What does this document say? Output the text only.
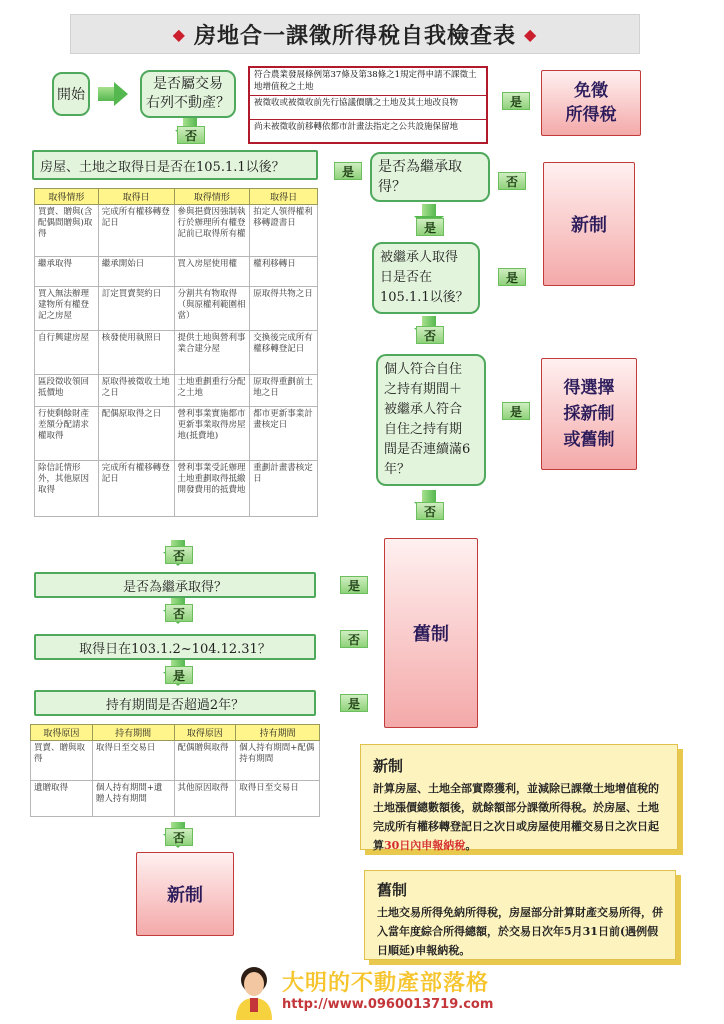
◆ 房地合一課徵所得稅自我檢查表 ◆
開始
是否屬交易
右列不動產？
符合農業發展條例第37條及第38條之1規定得申請不課徵土地增值稅之土地
被徵收或被徵收前先行協議價購之土地及其土地改良物
尚未被徵收前移轉依都市計畫法指定之公共設施保留地
是
免徵
所得稅
否
房屋、土地之取得日是否在105.1.1以後？	是	是否為繼承取
得？	否
新制
取得情形	取得日	取得情形	取得日
買賣、贈與(含配偶間贈與)取得	完成所有權移轉登記日	參與挹費因強制執行於辦理所有權登記前已取得所有權	拍定人領得權利移轉證書日
繼承取得	繼承開始日	買入房屋使用權	權利移轉日
買入無法辦理建物所有權登記之房屋	訂定買賣契約日	分割共有物取得（與原權利範圍相當）	原取得共物之日
自行興建房屋	核發使用執照日	提供土地與營利事業合建分屋	交換後完成所有權移轉登記日
區段徵收領回抵價地	原取得被徵收土地之日	土地重劃重行分配之土地	原取得重劃前土地之日
行使剩餘財產差額分配請求權取得	配偶原取得之日	營利事業實施都市更新事業取得房屋地(抵費地)	都市更新事業計畫核定日
除信託情形外，其他原因取得	完成所有權移轉登記日	營利事業受託辦理土地重劃取得抵繳開發費用的抵費地	重劃計畫書核定日
是
被繼承人取得
日是否在
105.1.1以後？
是
否
個人符合自住
之持有期間＋
被繼承人符合
自住之持有期
間是否連續滿6
年？
是
得選擇
採新制
或舊制
否
否
是否為繼承取得？	是
否
取得日在103.1.2~104.12.31？
否
是
持有期間是否超過2年？	是
舊制
取得原因	持有期間	取得原因	持有期間
買賣、贈與取得	取得日至交易日	配偶贈與取得	個人持有期間+配偶持有期間
遺贈取得	個人持有期間+遺贈人持有期間	其他原因取得	取得日至交易日
否
新制
新制
計算房屋、土地全部實際獲利，並減除已課徵土地增值稅的土地漲價總數額後，就餘額部分課徵所得稅。於房屋、土地完成所有權移轉登記日之次日或房屋使用權交易日之次日起算30日內申報納稅。
舊制
土地交易所得免納所得稅，房屋部分計算財產交易所得，併入當年度綜合所得總額，於交易日次年5月31日前(遇例假日順延)申報納稅。
大明的不動產部落格
http://www.0960013719.com
